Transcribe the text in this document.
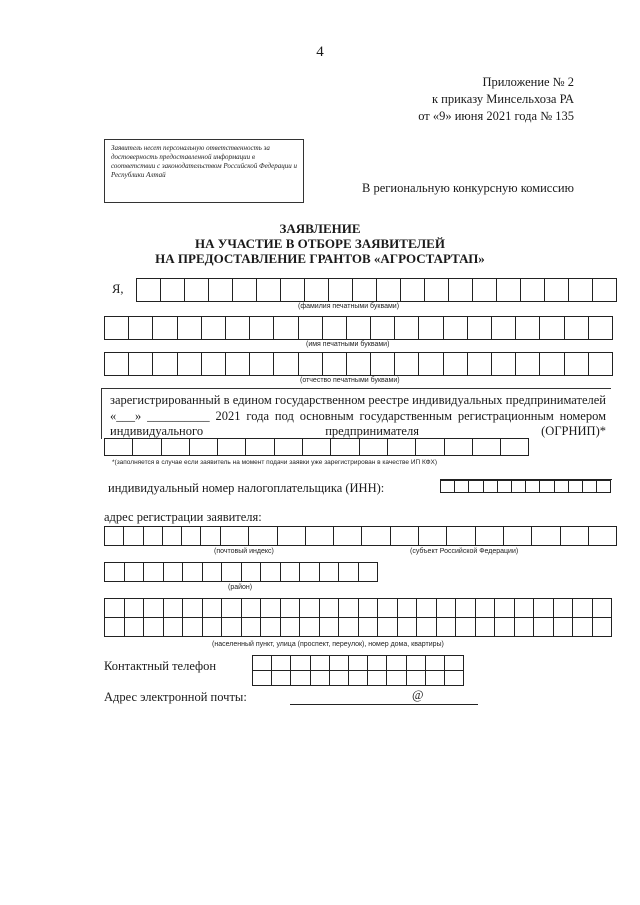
4
Приложение № 2
к приказу Минсельхоза РА
от «9» июня 2021 года № 135
Заявитель несет персональную ответственность за достоверность предоставленной информации в соответствии с законодательством Российской Федерации и Республики Алтай
В региональную конкурсную комиссию
ЗАЯВЛЕНИЕ
НА УЧАСТИЕ В ОТБОРЕ ЗАЯВИТЕЛЕЙ
НА ПРЕДОСТАВЛЕНИЕ ГРАНТОВ «АГРОСТАРТАП»
Я,
(фамилия печатными буквами)
(имя печатными буквами)
(отчество печатными буквами)
зарегистрированный в едином государственном реестре индивидуальных предпринимателей «___» __________ 2021 года под основным государственным регистрационным номером индивидуального предпринимателя (ОГРНИП)*
*(заполняется в случае если заявитель на момент подачи заявки уже зарегистрирован в качестве ИП КФХ)
индивидуальный номер налогоплательщика (ИНН):
адрес регистрации заявителя:
(почтовый индекс)	(субъект Российской Федерации)
(район)
(населенный пункт, улица (проспект, переулок), номер дома, квартиры)
Контактный телефон
Адрес электронной почты:	@
